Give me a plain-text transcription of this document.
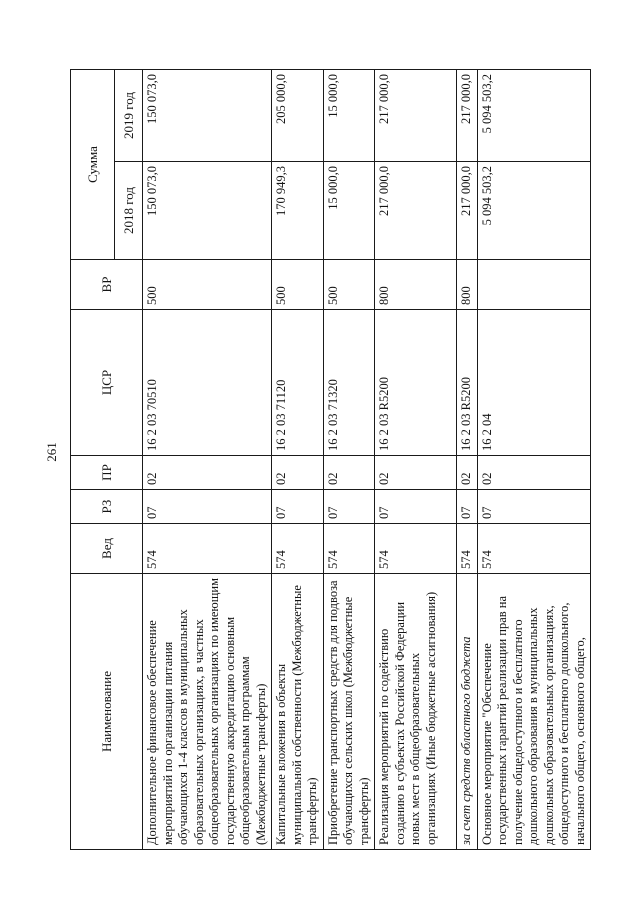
261
Наименование	Вед	РЗ	ПР	ЦСР	ВР	Сумма	
						2018 год	2019 год
Дополнительное финансовое обеспечение мероприятий по организации питания обучающихся 1-4 классов в муниципальных образовательных организациях, в частных общеобразовательных организациях по имеющим государственную аккредитацию основным общеобразовательным программам (Межбюджетные трансферты)	574	07	02	16 2 03 70510	500	150 073,0	150 073,0
Капитальные вложения в объекты муниципальной собственности (Межбюджетные трансферты)	574	07	02	16 2 03 71120	500	170 949,3	205 000,0
Приобретение транспортных средств для подвоза обучающихся сельских школ (Межбюджетные трансферты)	574	07	02	16 2 03 71320	500	15 000,0	15 000,0
Реализация мероприятий по содействию созданию в субъектах Российской Федерации новых мест в общеобразовательных организациях (Иные бюджетные ассигнования)	574	07	02	16 2 03 R5200	800	217 000,0	217 000,0
за счет средств областного бюджета	574	07	02	16 2 03 R5200	800	217 000,0	217 000,0
Основное мероприятие "Обеспечение государственных гарантий реализации прав на получение общедоступного и бесплатного дошкольного образования в муниципальных дошкольных образовательных организациях, общедоступного и бесплатного дошкольного, начального общего, основного общего,	574	07	02	16 2 04		5 094 503,2	5 094 503,2
